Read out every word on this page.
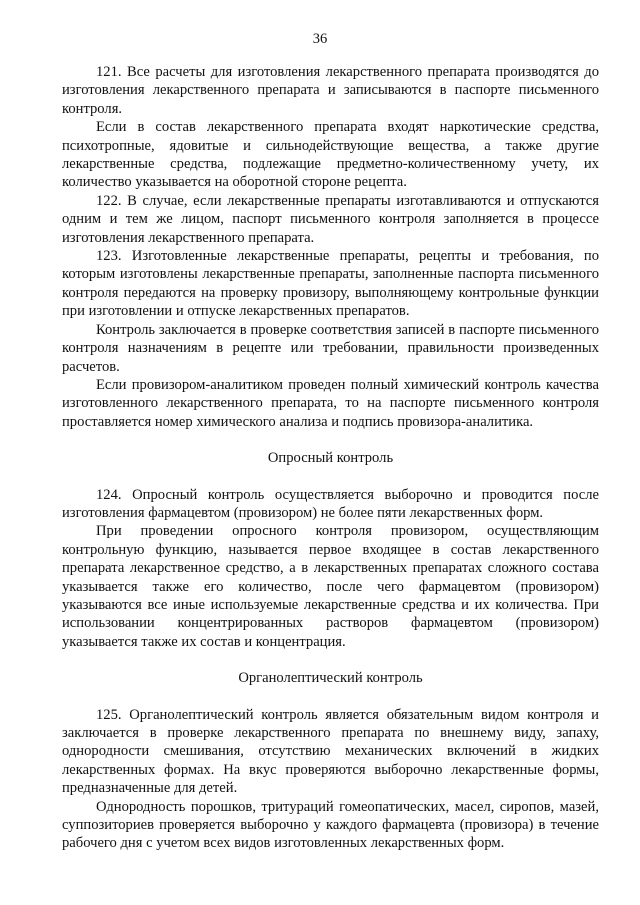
36

121. Все расчеты для изготовления лекарственного препарата производятся до изготовления лекарственного препарата и записываются в паспорте письменного контроля.

Если в состав лекарственного препарата входят наркотические средства, психотропные, ядовитые и сильнодействующие вещества, а также другие лекарственные средства, подлежащие предметно-количественному учету, их количество указывается на оборотной стороне рецепта.

122. В случае, если лекарственные препараты изготавливаются и отпускаются одним и тем же лицом, паспорт письменного контроля заполняется в процессе изготовления лекарственного препарата.

123. Изготовленные лекарственные препараты, рецепты и требования, по которым изготовлены лекарственные препараты, заполненные паспорта письменного контроля передаются на проверку провизору, выполняющему контрольные функции при изготовлении и отпуске лекарственных препаратов.

Контроль заключается в проверке соответствия записей в паспорте письменного контроля назначениям в рецепте или требовании, правильности произведенных расчетов.

Если провизором-аналитиком проведен полный химический контроль качества изготовленного лекарственного препарата, то на паспорте письменного контроля проставляется номер химического анализа и подпись провизора-аналитика.

Опросный контроль

124. Опросный контроль осуществляется выборочно и проводится после изготовления фармацевтом (провизором) не более пяти лекарственных форм.

При проведении опросного контроля провизором, осуществляющим контрольную функцию, называется первое входящее в состав лекарственного препарата лекарственное средство, а в лекарственных препаратах сложного состава указывается также его количество, после чего фармацевтом (провизором) указываются все иные используемые лекарственные средства и их количества. При использовании концентрированных растворов фармацевтом (провизором) указывается также их состав и концентрация.

Органолептический контроль

125. Органолептический контроль является обязательным видом контроля и заключается в проверке лекарственного препарата по внешнему виду, запаху, однородности смешивания, отсутствию механических включений в жидких лекарственных формах. На вкус проверяются выборочно лекарственные формы, предназначенные для детей.

Однородность порошков, тритураций гомеопатических, масел, сиропов, мазей, суппозиториев проверяется выборочно у каждого фармацевта (провизора) в течение рабочего дня с учетом всех видов изготовленных лекарственных форм.
